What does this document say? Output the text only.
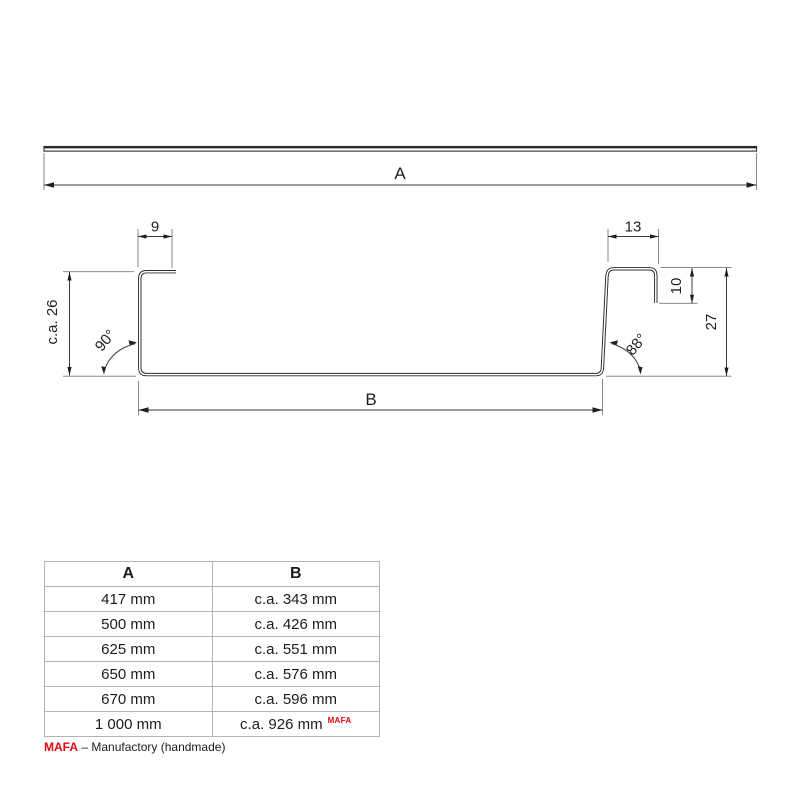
A
9	13
c.a. 26 90°	88°
10
27
B
A	B
417 mm	c.a. 343 mm
500 mm	c.a. 426 mm
625 mm	c.a. 551 mm
650 mm	c.a. 576 mm
670 mm	c.a. 596 mm
1 000 mm	c.a. 926 mm $^{MAFA}$
MAFA – Manufactory (handmade)
